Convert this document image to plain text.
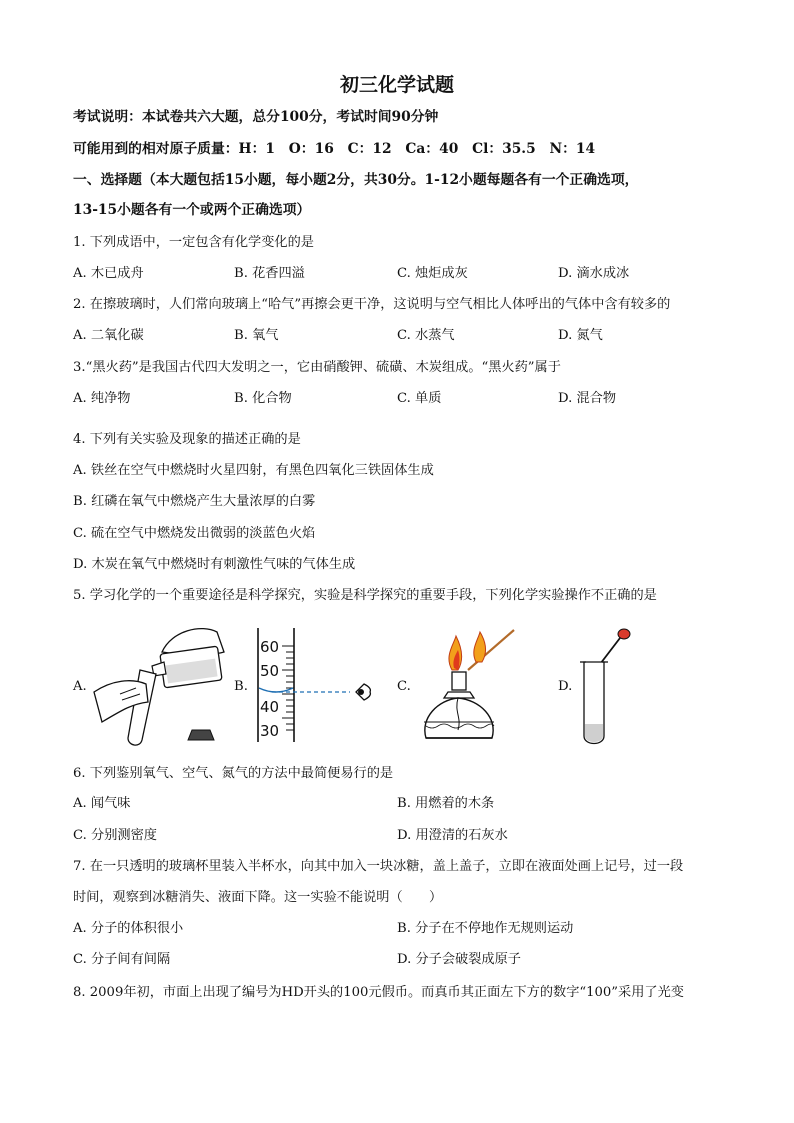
初三化学试题
考试说明：本试卷共六大题，总分100分，考试时间90分钟
可能用到的相对原子质量：H：1　O：16　C：12　Ca：40　Cl：35.5　N：14
一、选择题（本大题包括15小题，每小题2分，共30分。1-12小题每题各有一个正确选项，
13-15小题各有一个或两个正确选项）
1. 下列成语中，一定包含有化学变化的是
A. 木已成舟	B. 花香四溢	C. 烛炬成灰	D. 滴水成冰
2. 在擦玻璃时，人们常向玻璃上“哈气”再擦会更干净，这说明与空气相比人体呼出的气体中含有较多的
A. 二氧化碳	B. 氧气	C. 水蒸气	D. 氮气
3.“黑火药”是我国古代四大发明之一，它由硝酸钾、硫磺、木炭组成。“黑火药”属于
A. 纯净物	B. 化合物	C. 单质	D. 混合物
4. 下列有关实验及现象的描述正确的是
A. 铁丝在空气中燃烧时火星四射，有黑色四氧化三铁固体生成
B. 红磷在氧气中燃烧产生大量浓厚的白雾
C. 硫在空气中燃烧发出微弱的淡蓝色火焰
D. 木炭在氧气中燃烧时有刺激性气味的气体生成
5. 学习化学的一个重要途径是科学探究，实验是科学探究的重要手段，下列化学实验操作不正确的是
A.	B.
60
50
40
30
C.	D.
6. 下列鉴别氧气、空气、氮气的方法中最简便易行的是
A. 闻气味	B. 用燃着的木条
C. 分别测密度	D. 用澄清的石灰水
7. 在一只透明的玻璃杯里装入半杯水，向其中加入一块冰糖，盖上盖子，立即在液面处画上记号，过一段
时间，观察到冰糖消失、液面下降。这一实验不能说明（　　）
A. 分子的体积很小	B. 分子在不停地作无规则运动
C. 分子间有间隔	D. 分子会破裂成原子
8. 2009年初，市面上出现了编号为HD开头的100元假币。而真币其正面左下方的数字“100”采用了光变
